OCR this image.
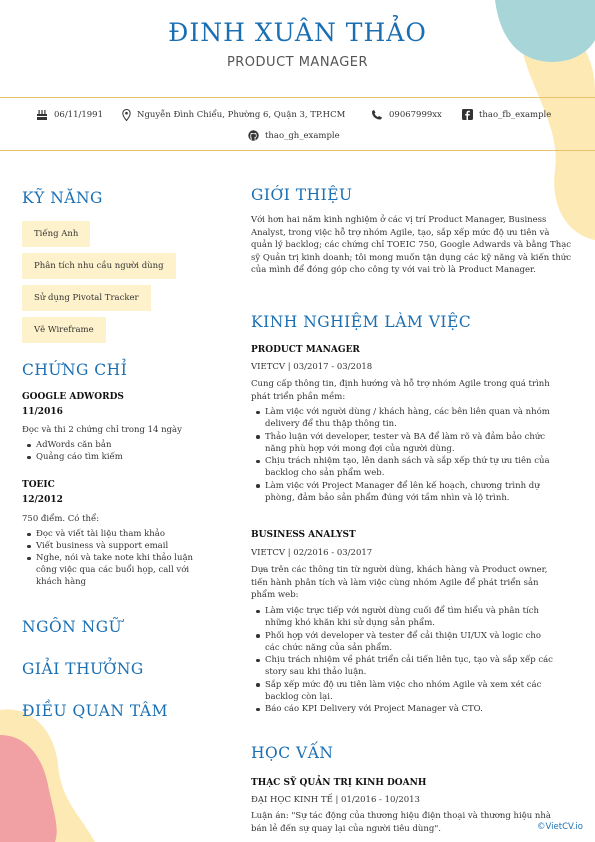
ĐINH XUÂN THẢO
PRODUCT MANAGER
06/11/1991	Nguyễn Đình Chiểu, Phường 6, Quận 3, TP.HCM	09067999xx	thao_fb_example
thao_gh_example
KỸ NĂNG
Tiếng Anh
Phân tích nhu cầu người dùng
Sử dụng Pivotal Tracker
Vẽ Wireframe
CHỨNG CHỈ
GOOGLE ADWORDS
11/2016
Đọc và thi 2 chứng chỉ trong 14 ngày
AdWords căn bản
Quảng cáo tìm kiếm
TOEIC
12/2012
750 điểm. Có thể:
Đọc và viết tài liệu tham khảo
Viết business và support email
Nghe, nói và take note khi thảo luận công việc qua các buổi họp, call với khách hàng
NGÔN NGỮ
GIẢI THƯỞNG
ĐIỀU QUAN TÂM
GIỚI THIỆU
Với hơn hai năm kinh nghiệm ở các vị trí Product Manager, Business Analyst, trong việc hỗ trợ nhóm Agile, tạo, sắp xếp mức độ ưu tiên và quản lý backlog; các chứng chỉ TOEIC 750, Google Adwards và bằng Thạc sỹ Quản trị kinh doanh; tôi mong muốn tận dụng các kỹ năng và kiến thức của mình để đóng góp cho công ty với vai trò là Product Manager.
KINH NGHIỆM LÀM VIỆC
PRODUCT MANAGER
VIETCV | 03/2017 - 03/2018
Cung cấp thông tin, định hướng và hỗ trợ nhóm Agile trong quá trình phát triển phần mềm:
Làm việc với người dùng / khách hàng, các bên liên quan và nhóm delivery để thu thập thông tin.
Thảo luận với developer, tester và BA để làm rõ và đảm bảo chức năng phù hợp với mong đợi của người dùng.
Chịu trách nhiệm tạo, lên danh sách và sắp xếp thứ tự ưu tiên của backlog cho sản phẩm web.
Làm việc với Project Manager để lên kế hoạch, chương trình dự phòng, đảm bảo sản phẩm đúng với tầm nhìn và lộ trình.
BUSINESS ANALYST
VIETCV | 02/2016 - 03/2017
Dựa trên các thông tin từ người dùng, khách hàng và Product owner, tiến hành phân tích và làm việc cùng nhóm Agile để phát triển sản phẩm web:
Làm việc trực tiếp với người dùng cuối để tìm hiểu và phân tích những khó khăn khi sử dụng sản phẩm.
Phối hợp với developer và tester để cải thiện UI/UX và logic cho các chức năng của sản phẩm.
Chịu trách nhiệm về phát triển cải tiến liên tục, tạo và sắp xếp các story sau khi thảo luận.
Sắp xếp mức độ ưu tiên làm việc cho nhóm Agile và xem xét các backlog còn lại.
Báo cáo KPI Delivery với Project Manager và CTO.
HỌC VẤN
THẠC SỸ QUẢN TRỊ KINH DOANH
ĐẠI HỌC KINH TẾ | 01/2016 - 10/2013
Luận án: "Sự tác động của thương hiệu điện thoại và thương hiệu nhà bán lẻ đến sự quay lại của người tiêu dùng".	©VietCV.io
